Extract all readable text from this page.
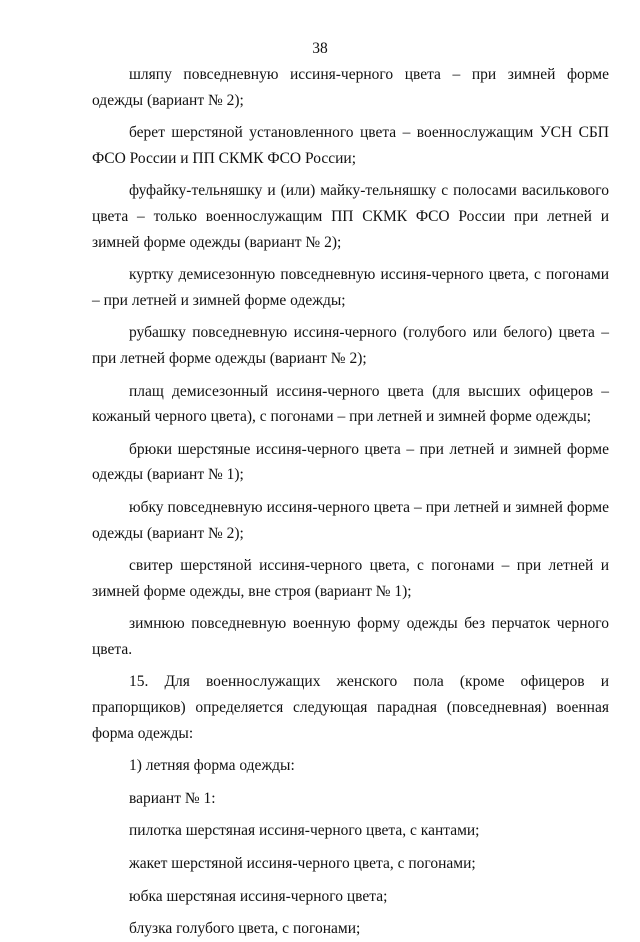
38

шляпу повседневную иссиня-черного цвета – при зимней форме одежды (вариант № 2);

берет шерстяной установленного цвета – военнослужащим УСН СБП ФСО России и ПП СКМК ФСО России;

фуфайку-тельняшку и (или) майку-тельняшку с полосами василькового цвета – только военнослужащим ПП СКМК ФСО России при летней и зимней форме одежды (вариант № 2);

куртку демисезонную повседневную иссиня-черного цвета, с погонами – при летней и зимней форме одежды;

рубашку повседневную иссиня-черного (голубого или белого) цвета – при летней форме одежды (вариант № 2);

плащ демисезонный иссиня-черного цвета (для высших офицеров – кожаный черного цвета), с погонами – при летней и зимней форме одежды;

брюки шерстяные иссиня-черного цвета – при летней и зимней форме одежды (вариант № 1);

юбку повседневную иссиня-черного цвета – при летней и зимней форме одежды (вариант № 2);

свитер шерстяной иссиня-черного цвета, с погонами – при летней и зимней форме одежды, вне строя (вариант № 1);

зимнюю повседневную военную форму одежды без перчаток черного цвета.

15. Для военнослужащих женского пола (кроме офицеров и прапорщиков) определяется следующая парадная (повседневная) военная форма одежды:

1) летняя форма одежды:

вариант № 1:

пилотка шерстяная иссиня-черного цвета, с кантами;

жакет шерстяной иссиня-черного цвета, с погонами;

юбка шерстяная иссиня-черного цвета;

блузка голубого цвета, с погонами;
